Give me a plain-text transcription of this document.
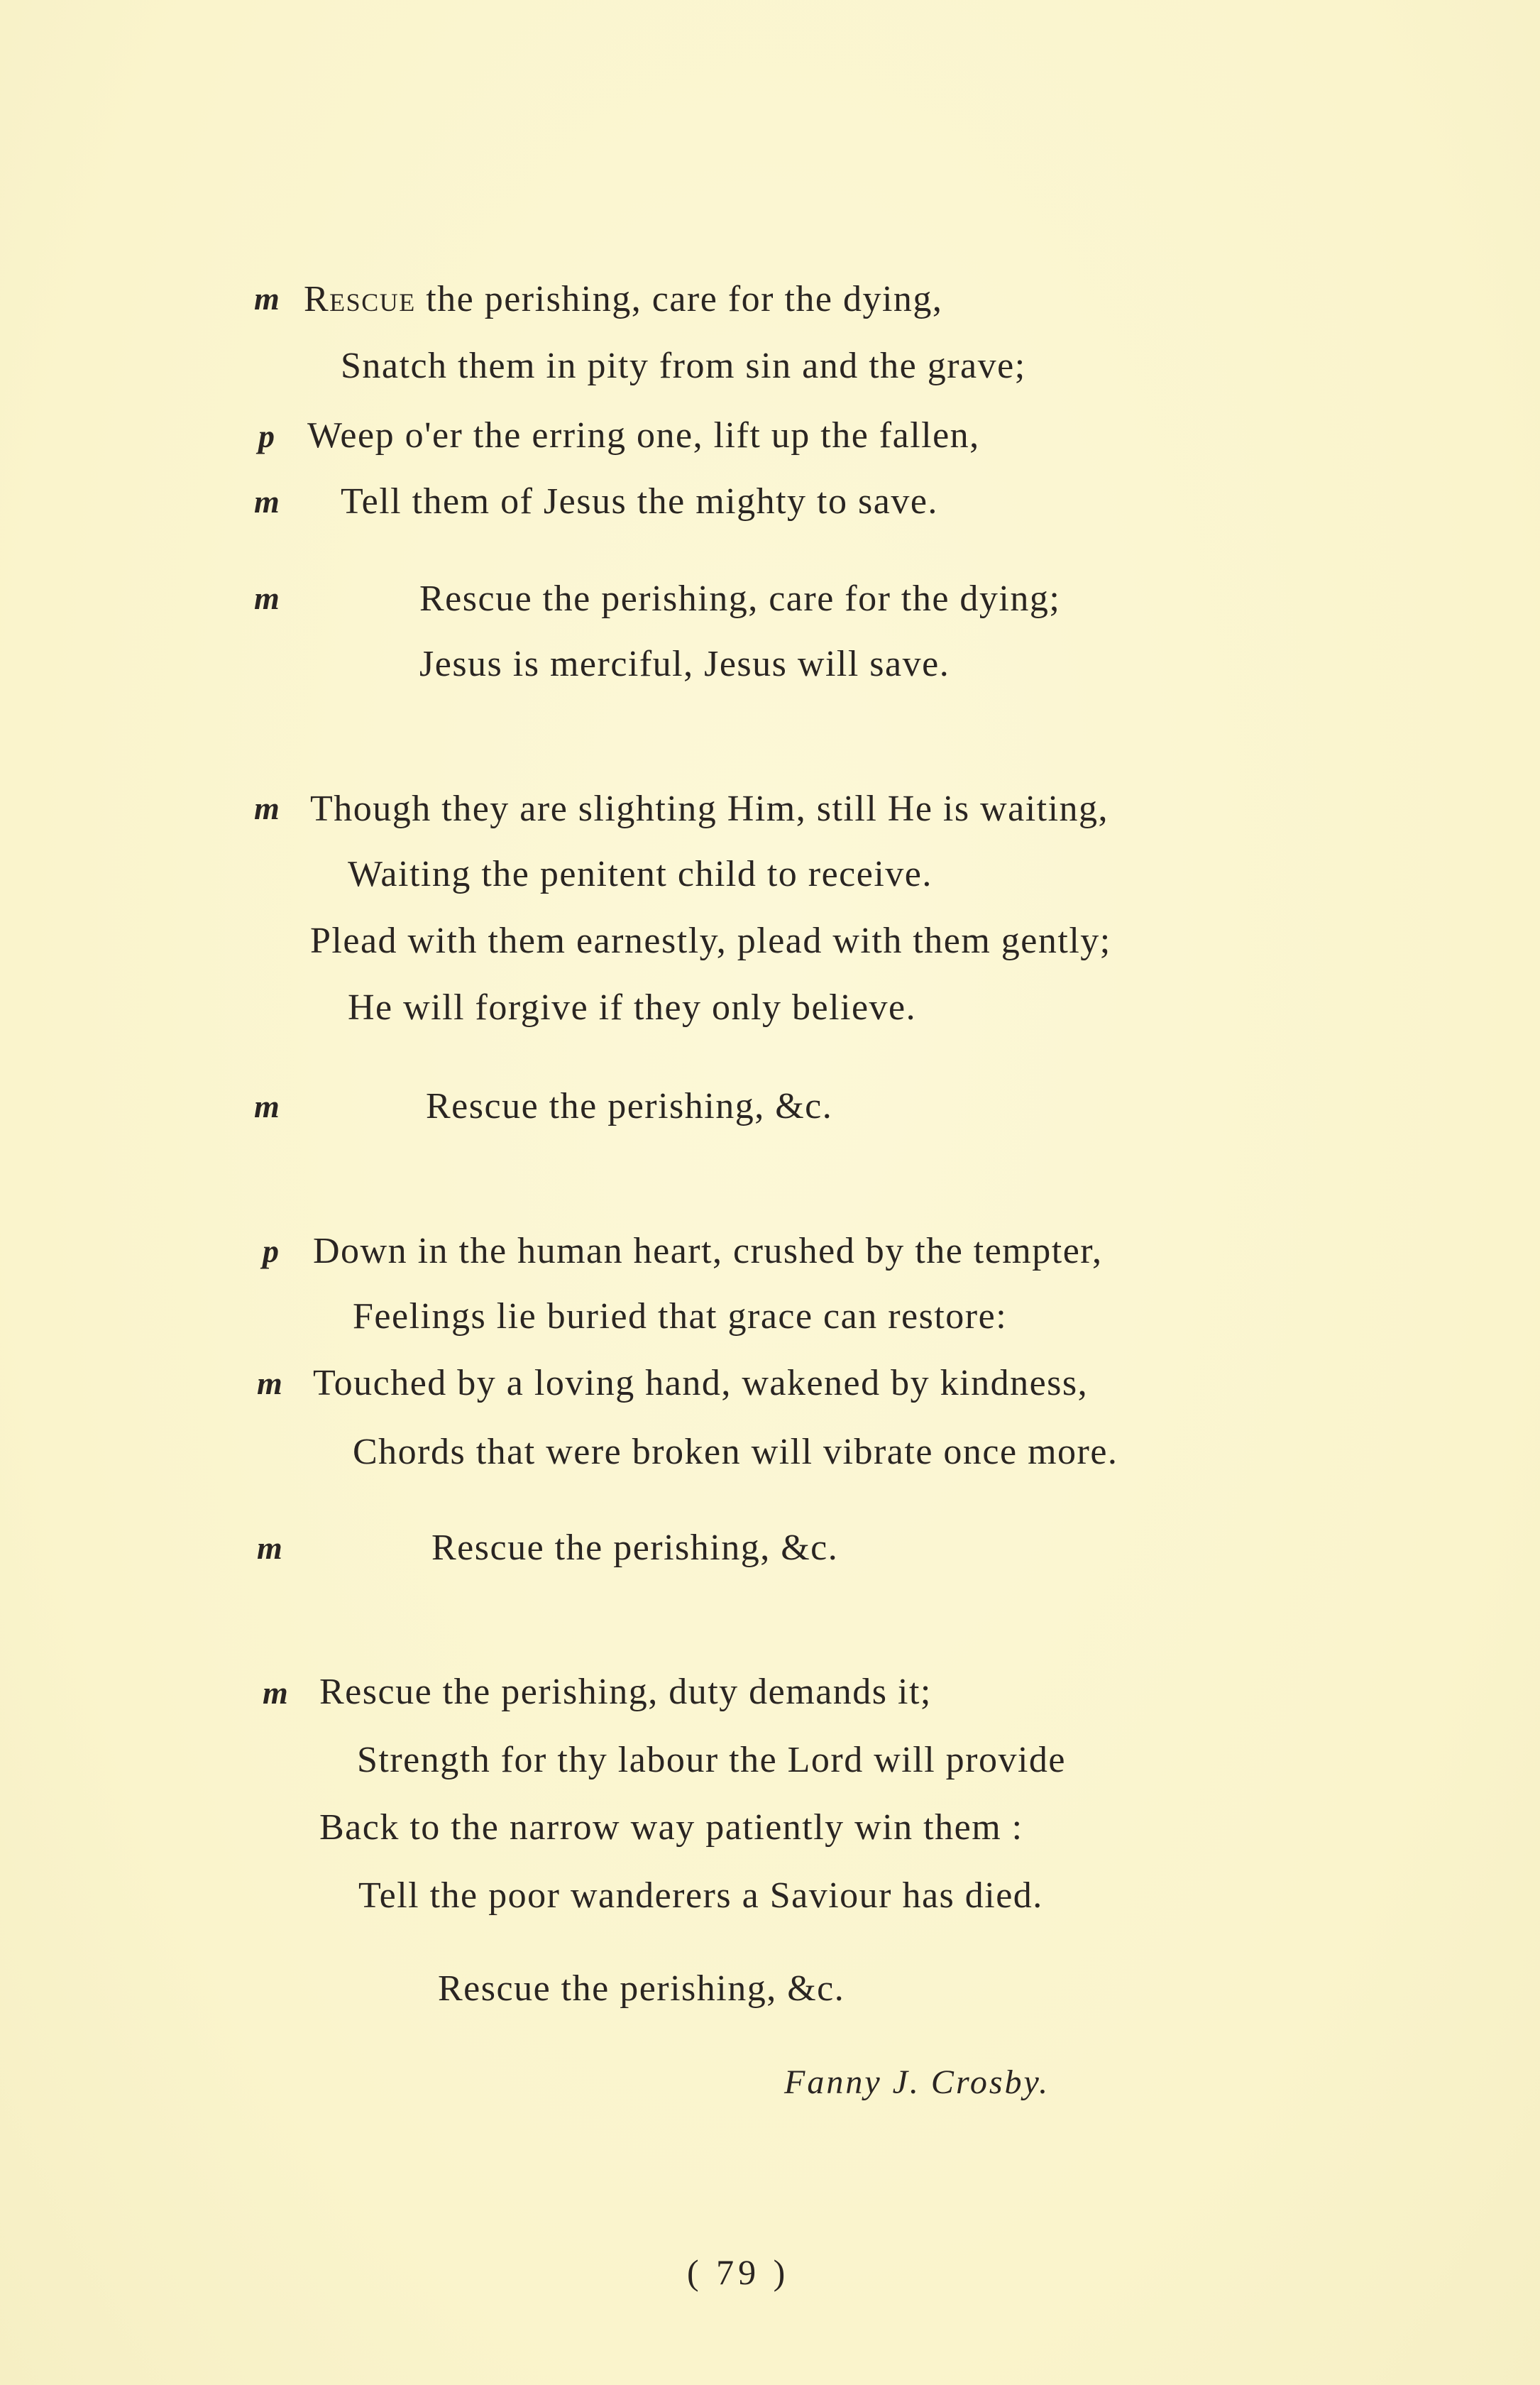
m Rescue the perishing, care for the dying,
Snatch them in pity from sin and the grave;
p Weep o'er the erring one, lift up the fallen,
m Tell them of Jesus the mighty to save.
m	Rescue the perishing, care for the dying;
Jesus is merciful, Jesus will save.
m Though they are slighting Him, still He is waiting,
Waiting the penitent child to receive.
Plead with them earnestly, plead with them gently;
He will forgive if they only believe.
m	Rescue the perishing, &c.
p Down in the human heart, crushed by the tempter,
Feelings lie buried that grace can restore:
m Touched by a loving hand, wakened by kindness,
Chords that were broken will vibrate once more.
m	Rescue the perishing, &c.
m Rescue the perishing, duty demands it;
Strength for thy labour the Lord will provide
Back to the narrow way patiently win them :
Tell the poor wanderers a Saviour has died.
Rescue the perishing, &c.
Fanny J. Crosby.
( 79 )
